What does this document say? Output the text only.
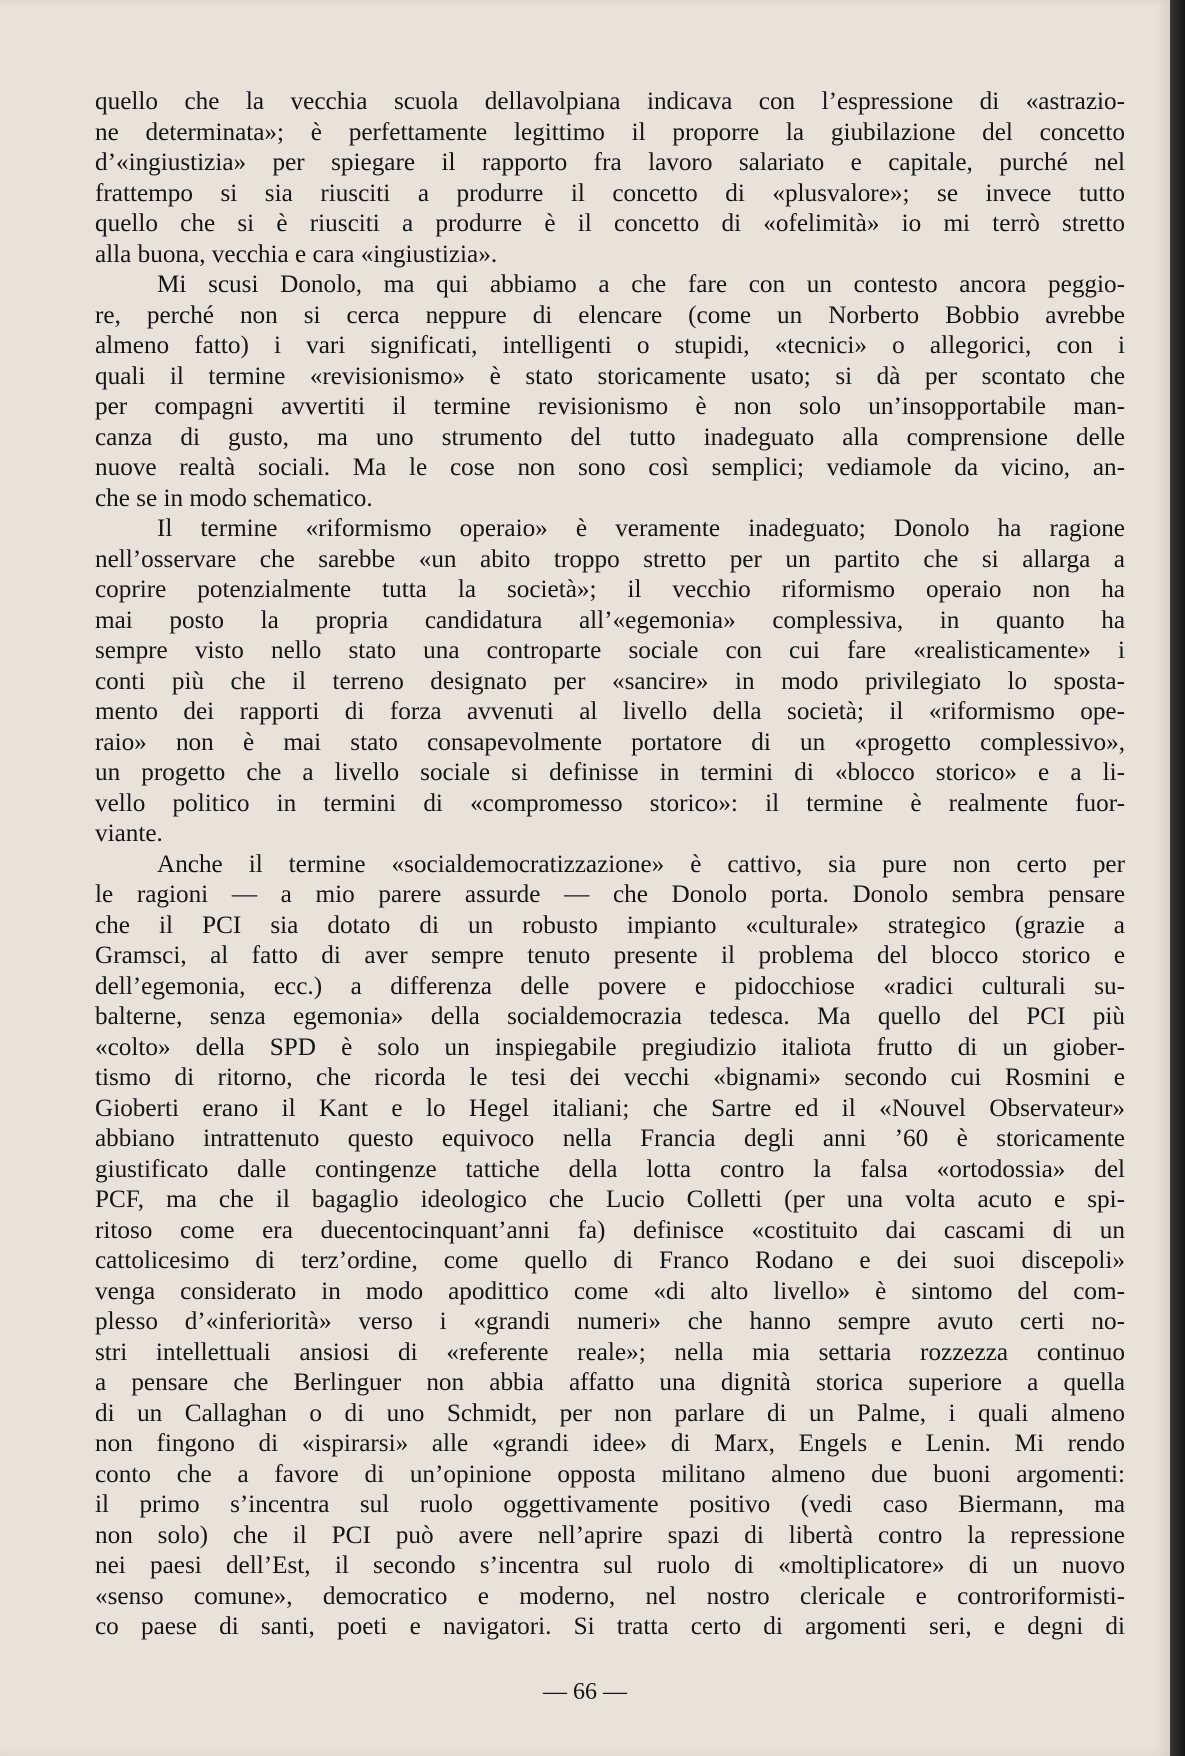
quello che la vecchia scuola dellavolpiana indicava con l’espressione di «astrazio-
ne determinata»; è perfettamente legittimo il proporre la giubilazione del concetto
d’«ingiustizia» per spiegare il rapporto fra lavoro salariato e capitale, purché nel
frattempo si sia riusciti a produrre il concetto di «plusvalore»; se invece tutto
quello che si è riusciti a produrre è il concetto di «ofelimità» io mi terrò stretto
alla buona, vecchia e cara «ingiustizia».

Mi scusi Donolo, ma qui abbiamo a che fare con un contesto ancora peggio-
re, perché non si cerca neppure di elencare (come un Norberto Bobbio avrebbe
almeno fatto) i vari significati, intelligenti o stupidi, «tecnici» o allegorici, con i
quali il termine «revisionismo» è stato storicamente usato; si dà per scontato che
per compagni avvertiti il termine revisionismo è non solo un’insopportabile man-
canza di gusto, ma uno strumento del tutto inadeguato alla comprensione delle
nuove realtà sociali. Ma le cose non sono così semplici; vediamole da vicino, an-
che se in modo schematico.

Il termine «riformismo operaio» è veramente inadeguato; Donolo ha ragione
nell’osservare che sarebbe «un abito troppo stretto per un partito che si allarga a
coprire potenzialmente tutta la società»; il vecchio riformismo operaio non ha
mai posto la propria candidatura all’«egemonia» complessiva, in quanto ha
sempre visto nello stato una controparte sociale con cui fare «realisticamente» i
conti più che il terreno designato per «sancire» in modo privilegiato lo sposta-
mento dei rapporti di forza avvenuti al livello della società; il «riformismo ope-
raio» non è mai stato consapevolmente portatore di un «progetto complessivo»,
un progetto che a livello sociale si definisse in termini di «blocco storico» e a li-
vello politico in termini di «compromesso storico»: il termine è realmente fuor-
viante.

Anche il termine «socialdemocratizzazione» è cattivo, sia pure non certo per
le ragioni — a mio parere assurde — che Donolo porta. Donolo sembra pensare
che il PCI sia dotato di un robusto impianto «culturale» strategico (grazie a
Gramsci, al fatto di aver sempre tenuto presente il problema del blocco storico e
dell’egemonia, ecc.) a differenza delle povere e pidocchiose «radici culturali su-
balterne, senza egemonia» della socialdemocrazia tedesca. Ma quello del PCI più
«colto» della SPD è solo un inspiegabile pregiudizio italiota frutto di un giober-
tismo di ritorno, che ricorda le tesi dei vecchi «bignami» secondo cui Rosmini e
Gioberti erano il Kant e lo Hegel italiani; che Sartre ed il «Nouvel Observateur»
abbiano intrattenuto questo equivoco nella Francia degli anni ’60 è storicamente
giustificato dalle contingenze tattiche della lotta contro la falsa «ortodossia» del
PCF, ma che il bagaglio ideologico che Lucio Colletti (per una volta acuto e spi-
ritoso come era duecentocinquant’anni fa) definisce «costituito dai cascami di un
cattolicesimo di terz’ordine, come quello di Franco Rodano e dei suoi discepoli»
venga considerato in modo apodittico come «di alto livello» è sintomo del com-
plesso d’«inferiorità» verso i «grandi numeri» che hanno sempre avuto certi no-
stri intellettuali ansiosi di «referente reale»; nella mia settaria rozzezza continuo
a pensare che Berlinguer non abbia affatto una dignità storica superiore a quella
di un Callaghan o di uno Schmidt, per non parlare di un Palme, i quali almeno
non fingono di «ispirarsi» alle «grandi idee» di Marx, Engels e Lenin. Mi rendo
conto che a favore di un’opinione opposta militano almeno due buoni argomenti:
il primo s’incentra sul ruolo oggettivamente positivo (vedi caso Biermann, ma
non solo) che il PCI può avere nell’aprire spazi di libertà contro la repressione
nei paesi dell’Est, il secondo s’incentra sul ruolo di «moltiplicatore» di un nuovo
«senso comune», democratico e moderno, nel nostro clericale e controriformisti-
co paese di santi, poeti e navigatori. Si tratta certo di argomenti seri, e degni di

— 66 —
